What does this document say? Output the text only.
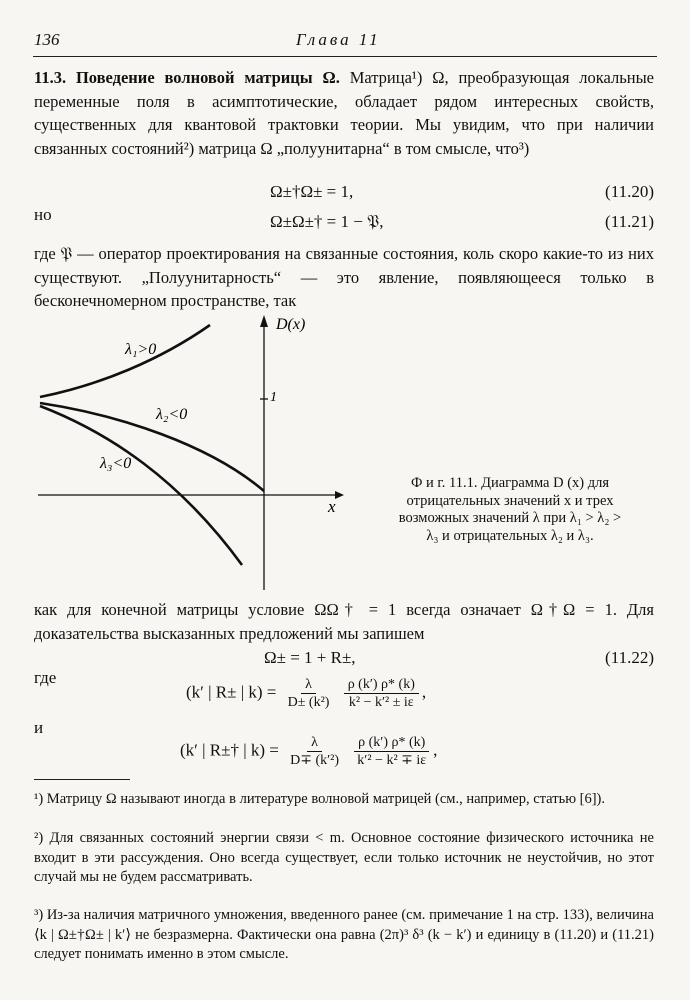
136	Глава 11
11.3. Поведение волновой матрицы Ω. Матрица¹) Ω, преобразующая локальные переменные поля в асимптотические, обладает рядом интересных свойств, существенных для квантовой трактовки теории. Мы увидим, что при наличии связанных состояний²) матрица Ω „полуунитарна“ в том смысле, что³)
Ω±†Ω± = 1,	(11.20)
но	Ω±Ω±† = 1 − 𝔓,	(11.21)
где 𝔓 — оператор проектирования на связанные состояния, коль скоро какие-то из них существуют. „Полуунитарность“ — это явление, появляющееся только в бесконечномерном пространстве, так
D(x)
x
1
λ₁>0
λ₂<0
λ₃<0
Ф и г. 11.1. Диаграмма D (x) для отрицательных значений x и трех возможных значений λ при λ₁ > λ₂ > λ₃ и отрицательных λ₂ и λ₃.
как для конечной матрицы условие ΩΩ† = 1 всегда означает Ω†Ω = 1. Для доказательства высказанных предложений мы запишем
Ω± = 1 + R±,	(11.22)
где
(k′ | R± | $k) = \frac{\lambda}{\text{D± (k²)}}$
$\frac{\rho (k') \rho* (k)}{\text{k² − k′² ± iε}}$ ,
и
(k′ | R±† | $k) = \frac{\lambda}{\text{D∓ (k′²)}}$
$\frac{\rho (k') \rho* (k)}{\text{k′² − k² ∓ iε}}$ ,
¹) Матрицу Ω называют иногда в литературе волновой матрицей (см., например, статью [6]).
²) Для связанных состояний энергии связи < m. Основное состояние физического источника не входит в эти рассуждения. Оно всегда существует, если только источник не неустойчив, но этот случай мы не будем рассматривать.
³) Из-за наличия матричного умножения, введенного ранее (см. примечание 1 на стр. 133), величина ⟨k | Ω±†Ω± | k′⟩ не безразмерна. Фактически она равна (2π)³ δ³ (k − k′) и единицу в (11.20) и (11.21) следует понимать именно в этом смысле.
